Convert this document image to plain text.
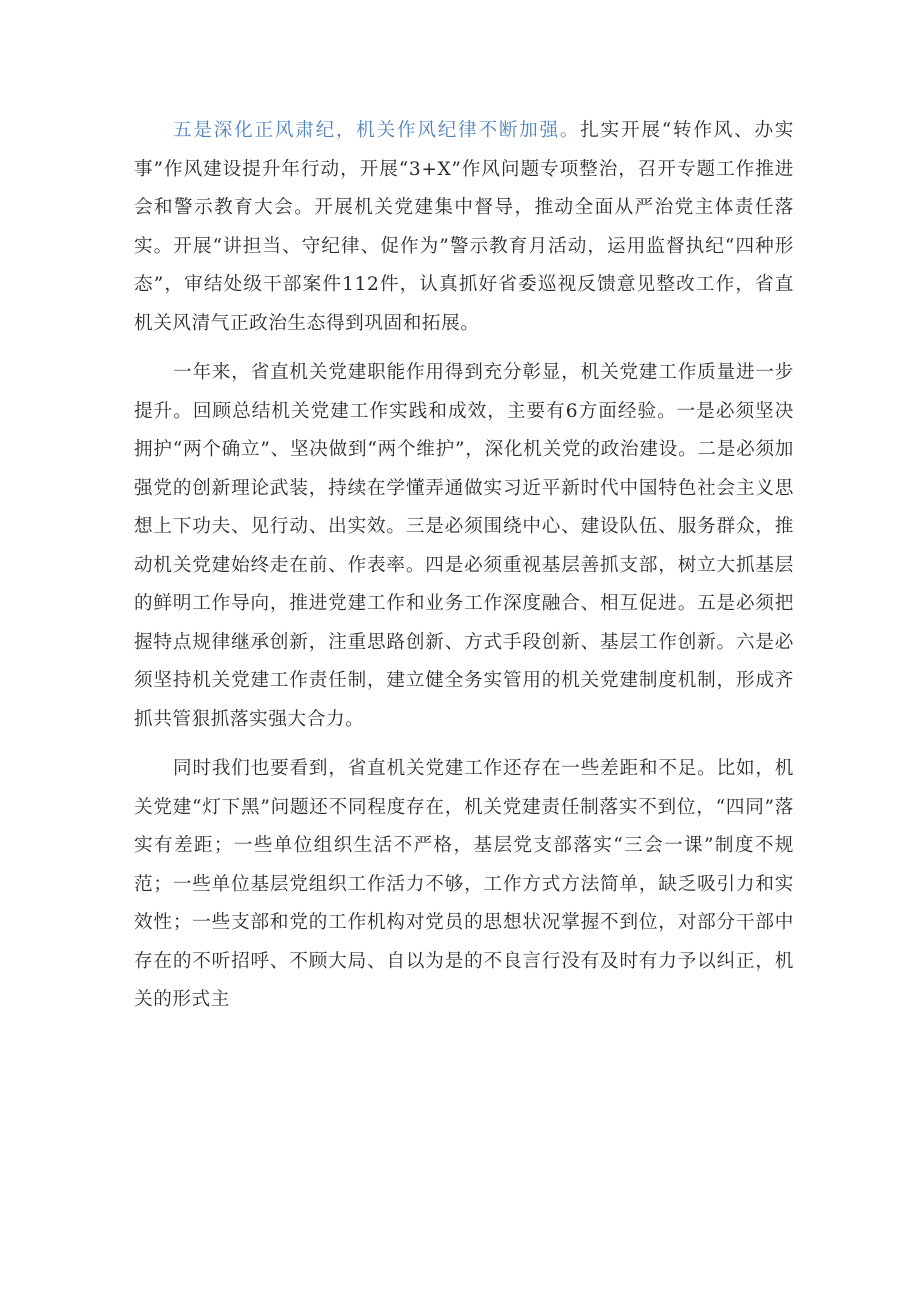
五是深化正风肃纪，机关作风纪律不断加强。扎实开展“转作风、办实事”作风建设提升年行动，开展“3+X”作风问题专项整治，召开专题工作推进会和警示教育大会。开展机关党建集中督导，推动全面从严治党主体责任落实。开展“讲担当、守纪律、促作为”警示教育月活动，运用监督执纪“四种形态”，审结处级干部案件112件，认真抓好省委巡视反馈意见整改工作，省直机关风清气正政治生态得到巩固和拓展。

一年来，省直机关党建职能作用得到充分彰显，机关党建工作质量进一步提升。回顾总结机关党建工作实践和成效，主要有6方面经验。一是必须坚决拥护“两个确立”、坚决做到“两个维护”，深化机关党的政治建设。二是必须加强党的创新理论武装，持续在学懂弄通做实习近平新时代中国特色社会主义思想上下功夫、见行动、出实效。三是必须围绕中心、建设队伍、服务群众，推动机关党建始终走在前、作表率。四是必须重视基层善抓支部，树立大抓基层的鲜明工作导向，推进党建工作和业务工作深度融合、相互促进。五是必须把握特点规律继承创新，注重思路创新、方式手段创新、基层工作创新。六是必须坚持机关党建工作责任制，建立健全务实管用的机关党建制度机制，形成齐抓共管狠抓落实强大合力。

同时我们也要看到，省直机关党建工作还存在一些差距和不足。比如，机关党建“灯下黑”问题还不同程度存在，机关党建责任制落实不到位，“四同”落实有差距；一些单位组织生活不严格，基层党支部落实“三会一课”制度不规范；一些单位基层党组织工作活力不够，工作方式方法简单，缺乏吸引力和实效性；一些支部和党的工作机构对党员的思想状况掌握不到位，对部分干部中存在的不听招呼、不顾大局、自以为是的不良言行没有及时有力予以纠正，机关的形式主
